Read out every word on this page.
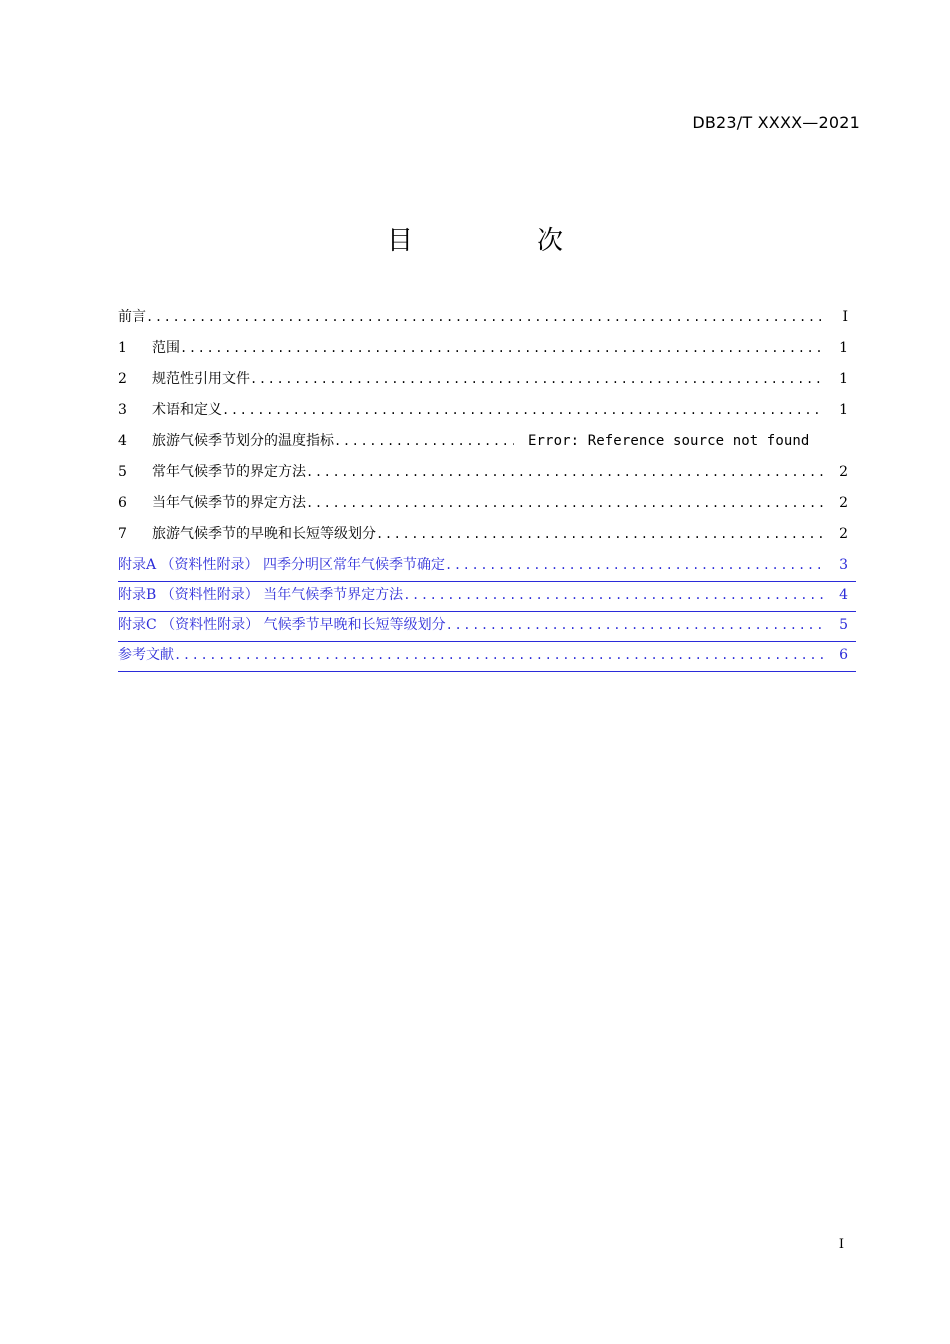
DB23/T XXXX—2021
目	次
前言 .....	I
1	范围 .....	1
2	规范性引用文件 .....	1
3	术语和定义 .....	1
4	旅游气候季节划分的温度指标 .....	Error: Reference source not found
5	常年气候季节的界定方法 .....	2
6	当年气候季节的界定方法 .....	2
7	旅游气候季节的早晚和长短等级划分 .....	2
附录A （资料性附录） 四季分明区常年气候季节确定 .....	3
附录B （资料性附录） 当年气候季节界定方法 .....	4
附录C （资料性附录） 气候季节早晚和长短等级划分 .....	5
参考文献 .....	6
I
